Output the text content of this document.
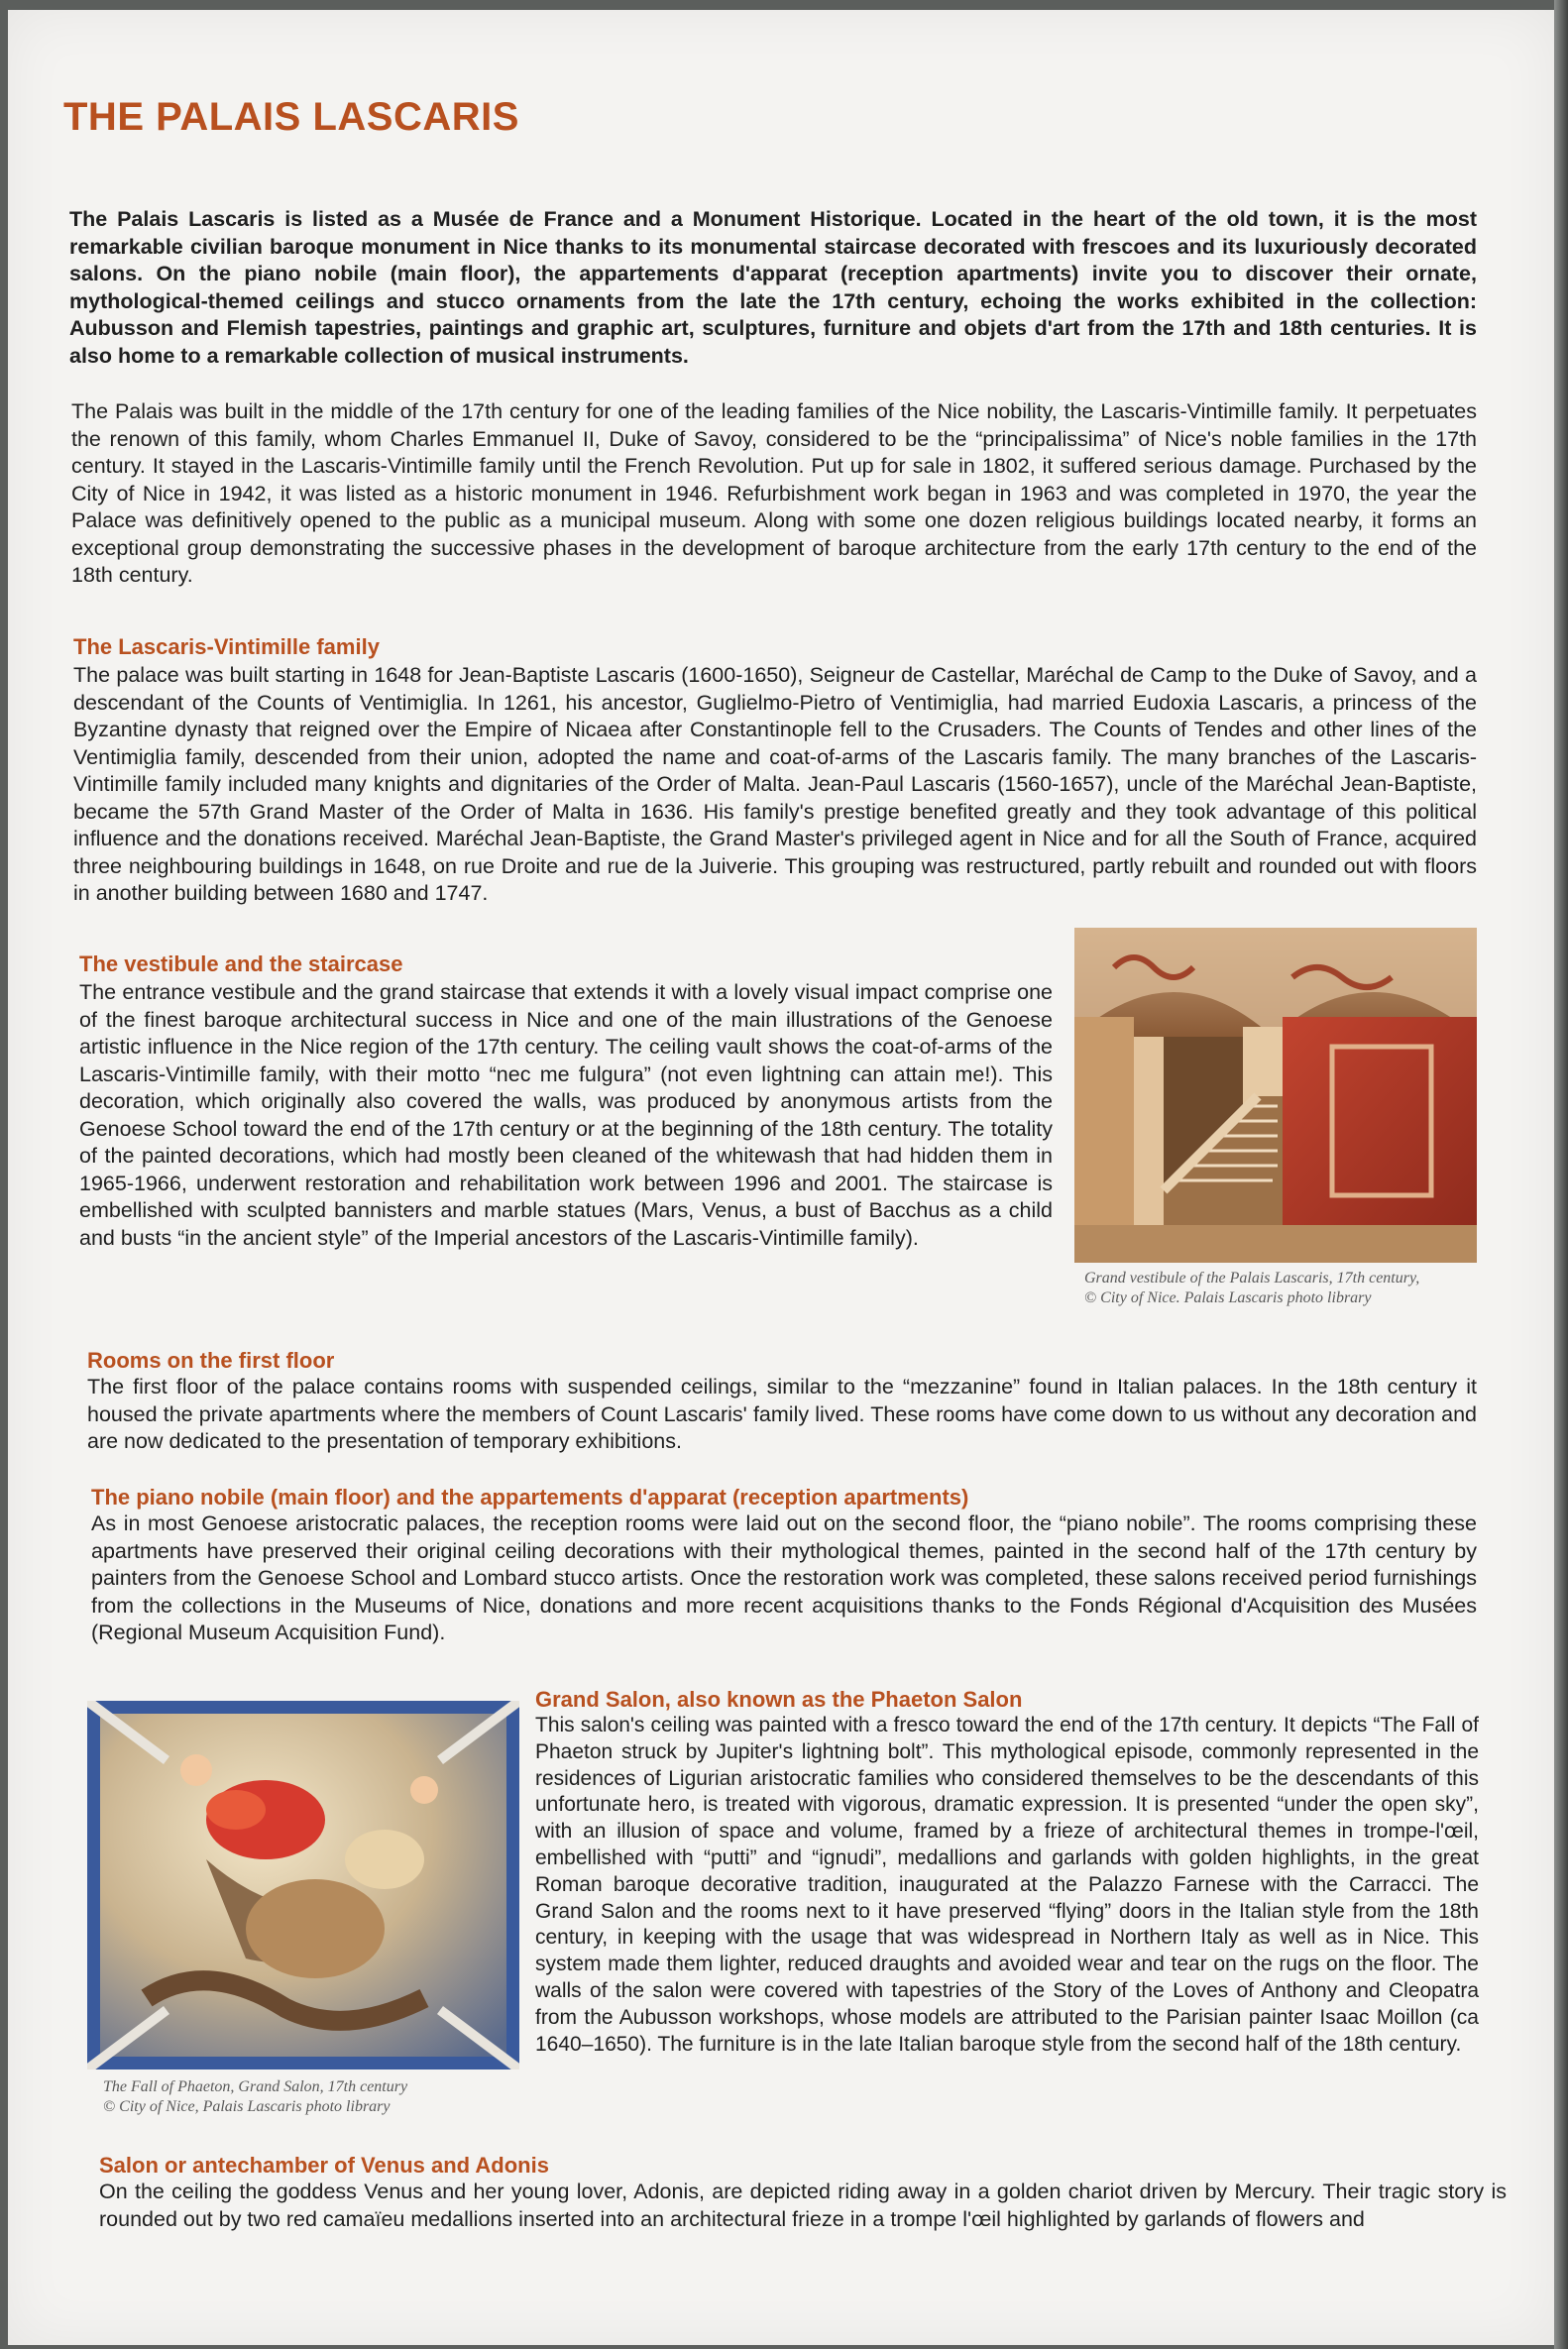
THE PALAIS LASCARIS

The Palais Lascaris is listed as a Musée de France and a Monument Historique. Located in the heart of the old town, it is the most remarkable civilian baroque monument in Nice thanks to its monumental staircase decorated with frescoes and its luxuriously decorated salons. On the piano nobile (main floor), the appartements d'apparat (reception apartments) invite you to discover their ornate, mythological-themed ceilings and stucco ornaments from the late the 17th century, echoing the works exhibited in the collection: Aubusson and Flemish tapestries, paintings and graphic art, sculptures, furniture and objets d'art from the 17th and 18th centuries. It is also home to a remarkable collection of musical instruments.

The Palais was built in the middle of the 17th century for one of the leading families of the Nice nobility, the Lascaris-Vintimille family. It perpetuates the renown of this family, whom Charles Emmanuel II, Duke of Savoy, considered to be the “principalissima” of Nice's noble families in the 17th century. It stayed in the Lascaris-Vintimille family until the French Revolution. Put up for sale in 1802, it suffered serious damage. Purchased by the City of Nice in 1942, it was listed as a historic monument in 1946. Refurbishment work began in 1963 and was completed in 1970, the year the Palace was definitively opened to the public as a municipal museum. Along with some one dozen religious buildings located nearby, it forms an exceptional group demonstrating the successive phases in the development of baroque architecture from the early 17th century to the end of the 18th century.

The Lascaris-Vintimille family

The palace was built starting in 1648 for Jean-Baptiste Lascaris (1600-1650), Seigneur de Castellar, Maréchal de Camp to the Duke of Savoy, and a descendant of the Counts of Ventimiglia. In 1261, his ancestor, Guglielmo-Pietro of Ventimiglia, had married Eudoxia Lascaris, a princess of the Byzantine dynasty that reigned over the Empire of Nicaea after Constantinople fell to the Crusaders. The Counts of Tendes and other lines of the Ventimiglia family, descended from their union, adopted the name and coat-of-arms of the Lascaris family. The many branches of the Lascaris-Vintimille family included many knights and dignitaries of the Order of Malta. Jean-Paul Lascaris (1560-1657), uncle of the Maréchal Jean-Baptiste, became the 57th Grand Master of the Order of Malta in 1636. His family's prestige benefited greatly and they took advantage of this political influence and the donations received. Maréchal Jean-Baptiste, the Grand Master's privileged agent in Nice and for all the South of France, acquired three neighbouring buildings in 1648, on rue Droite and rue de la Juiverie. This grouping was restructured, partly rebuilt and rounded out with floors in another building between 1680 and 1747.

The vestibule and the staircase

The entrance vestibule and the grand staircase that extends it with a lovely visual impact comprise one of the finest baroque architectural success in Nice and one of the main illustrations of the Genoese artistic influence in the Nice region of the 17th century. The ceiling vault shows the coat-of-arms of the Lascaris-Vintimille family, with their motto “nec me fulgura” (not even lightning can attain me!). This decoration, which originally also covered the walls, was produced by anonymous artists from the Genoese School toward the end of the 17th century or at the beginning of the 18th century. The totality of the painted decorations, which had mostly been cleaned of the whitewash that had hidden them in 1965-1966, underwent restoration and rehabilitation work between 1996 and 2001. The staircase is embellished with sculpted bannisters and marble statues (Mars, Venus, a bust of Bacchus as a child and busts “in the ancient style” of the Imperial ancestors of the Lascaris-Vintimille family).

Grand vestibule of the Palais Lascaris, 17th century,
© City of Nice. Palais Lascaris photo library
Rooms on the first floor

The first floor of the palace contains rooms with suspended ceilings, similar to the “mezzanine” found in Italian palaces. In the 18th century it housed the private apartments where the members of Count Lascaris' family lived. These rooms have come down to us without any decoration and are now dedicated to the presentation of temporary exhibitions.

The piano nobile (main floor) and the appartements d'apparat (reception apartments)

As in most Genoese aristocratic palaces, the reception rooms were laid out on the second floor, the “piano nobile”. The rooms comprising these apartments have preserved their original ceiling decorations with their mythological themes, painted in the second half of the 17th century by painters from the Genoese School and Lombard stucco artists. Once the restoration work was completed, these salons received period furnishings from the collections in the Museums of Nice, donations and more recent acquisitions thanks to the Fonds Régional d'Acquisition des Musées (Regional Museum Acquisition Fund).

The Fall of Phaeton, Grand Salon, 17th century
© City of Nice, Palais Lascaris photo library
Grand Salon, also known as the Phaeton Salon

This salon's ceiling was painted with a fresco toward the end of the 17th century. It depicts “The Fall of Phaeton struck by Jupiter's lightning bolt”. This mythological episode, commonly represented in the residences of Ligurian aristocratic families who considered themselves to be the descendants of this unfortunate hero, is treated with vigorous, dramatic expression. It is presented “under the open sky”, with an illusion of space and volume, framed by a frieze of architectural themes in trompe-l'œil, embellished with “putti” and “ignudi”, medallions and garlands with golden highlights, in the great Roman baroque decorative tradition, inaugurated at the Palazzo Farnese with the Carracci. The Grand Salon and the rooms next to it have preserved “flying” doors in the Italian style from the 18th century, in keeping with the usage that was widespread in Northern Italy as well as in Nice. This system made them lighter, reduced draughts and avoided wear and tear on the rugs on the floor. The walls of the salon were covered with tapestries of the Story of the Loves of Anthony and Cleopatra from the Aubusson workshops, whose models are attributed to the Parisian painter Isaac Moillon (ca 1640–1650). The furniture is in the late Italian baroque style from the second half of the 18th century.

Salon or antechamber of Venus and Adonis

On the ceiling the goddess Venus and her young lover, Adonis, are depicted riding away in a golden chariot driven by Mercury. Their tragic story is rounded out by two red camaïeu medallions inserted into an architectural frieze in a trompe l'œil highlighted by garlands of flowers and
